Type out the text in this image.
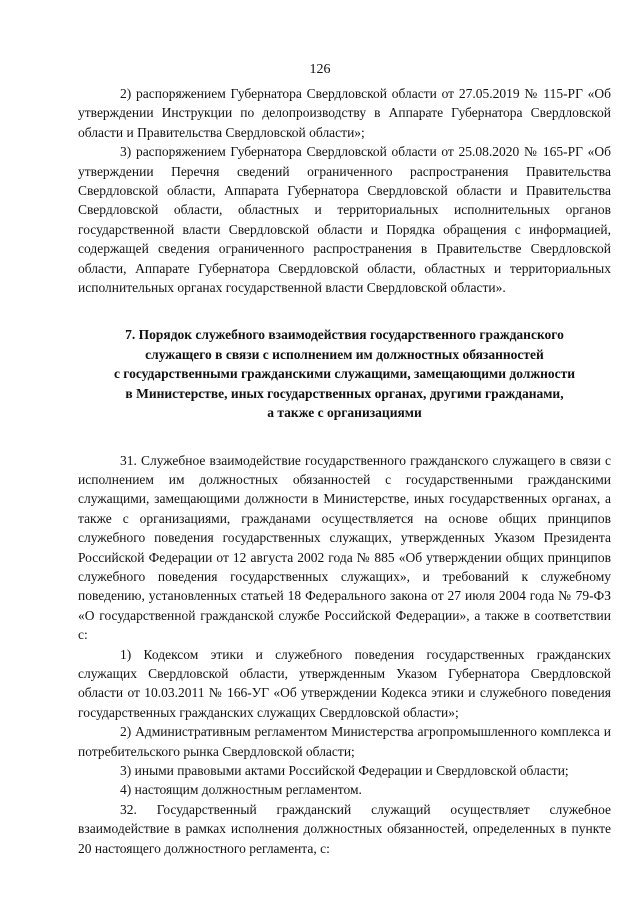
126

2) распоряжением Губернатора Свердловской области от 27.05.2019 № 115-РГ «Об утверждении Инструкции по делопроизводству в Аппарате Губернатора Свердловской области и Правительства Свердловской области»;

3) распоряжением Губернатора Свердловской области от 25.08.2020 № 165-РГ «Об утверждении Перечня сведений ограниченного распространения Правительства Свердловской области, Аппарата Губернатора Свердловской области и Правительства Свердловской области, областных и территориальных исполнительных органов государственной власти Свердловской области и Порядка обращения с информацией, содержащей сведения ограниченного распространения в Правительстве Свердловской области, Аппарате Губернатора Свердловской области, областных и территориальных исполнительных органах государственной власти Свердловской области».

7. Порядок служебного взаимодействия государственного гражданского
служащего в связи с исполнением им должностных обязанностей
с государственными гражданскими служащими, замещающими должности
в Министерстве, иных государственных органах, другими гражданами,
а также с организациями

31. Служебное взаимодействие государственного гражданского служащего в связи с исполнением им должностных обязанностей с государственными гражданскими служащими, замещающими должности в Министерстве, иных государственных органах, а также с организациями, гражданами осуществляется на основе общих принципов служебного поведения государственных служащих, утвержденных Указом Президента Российской Федерации от 12 августа 2002 года № 885 «Об утверждении общих принципов служебного поведения государственных служащих», и требований к служебному поведению, установленных статьей 18 Федерального закона от 27 июля 2004 года № 79-ФЗ «О государственной гражданской службе Российской Федерации», а также в соответствии с:

1) Кодексом этики и служебного поведения государственных гражданских служащих Свердловской области, утвержденным Указом Губернатора Свердловской области от 10.03.2011 № 166-УГ «Об утверждении Кодекса этики и служебного поведения государственных гражданских служащих Свердловской области»;

2) Административным регламентом Министерства агропромышленного комплекса и потребительского рынка Свердловской области;

3) иными правовыми актами Российской Федерации и Свердловской области;

4) настоящим должностным регламентом.

32. Государственный гражданский служащий осуществляет служебное взаимодействие в рамках исполнения должностных обязанностей, определенных в пункте 20 настоящего должностного регламента, с:
